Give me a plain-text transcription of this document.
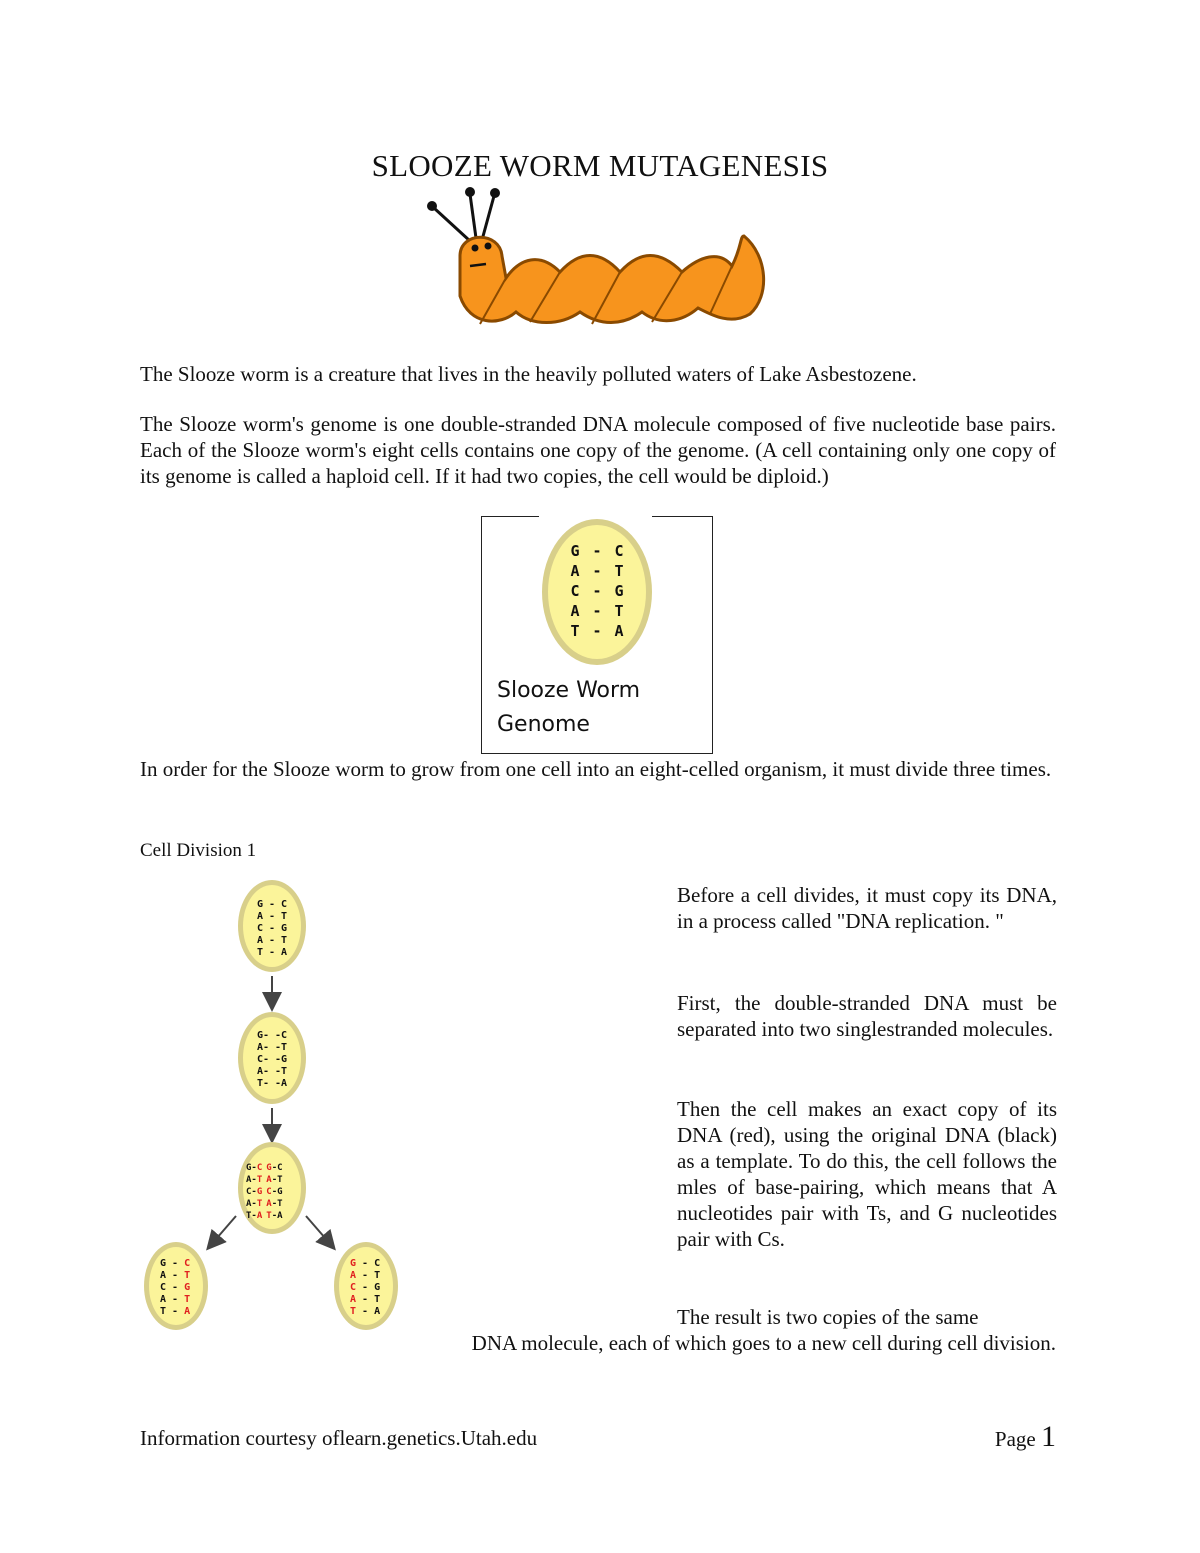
SLOOZE WORM MUTAGENESIS
The Slooze worm is a creature that lives in the heavily polluted waters of Lake Asbestozene.
The Slooze worm's genome is one double-stranded DNA molecule composed of five nucleotide base pairs. Each of the Slooze worm's eight cells contains one copy of the genome. (A cell containing only one copy of its genome is called a haploid cell. If it had two copies, the cell would be diploid.)
G - C
A - T
C - G
A - T
T - A
Slooze Worm
Genome
In order for the Slooze worm to grow from one cell into an eight-celled organism, it must divide three times.
Cell Division 1
G - C
A - T
C - G
A - T
T - A
G- -C
A- -T
C- -G
A- -T
T- -A
G-C G-C
A-T A-T
C-G C-G
A-T A-T
T-A T-A
G - C
A - T
C - G
A - T
T - A
G - C
A - T
C - G
A - T
T - A
Before a cell divides, it must copy its DNA, in a process called "DNA replication. "
First, the double-stranded DNA must be separated into two singlestranded molecules.
Then the cell makes an exact copy of its DNA (red), using the original DNA (black) as a template. To do this, the cell follows the mles of base-pairing, which means that A nucleotides pair with Ts, and G nucleotides pair with Cs.
The result is two copies of the same
DNA molecule, each of which goes to a new cell during cell division.
Information courtesy oflearn.genetics.Utah.edu	Page 1
